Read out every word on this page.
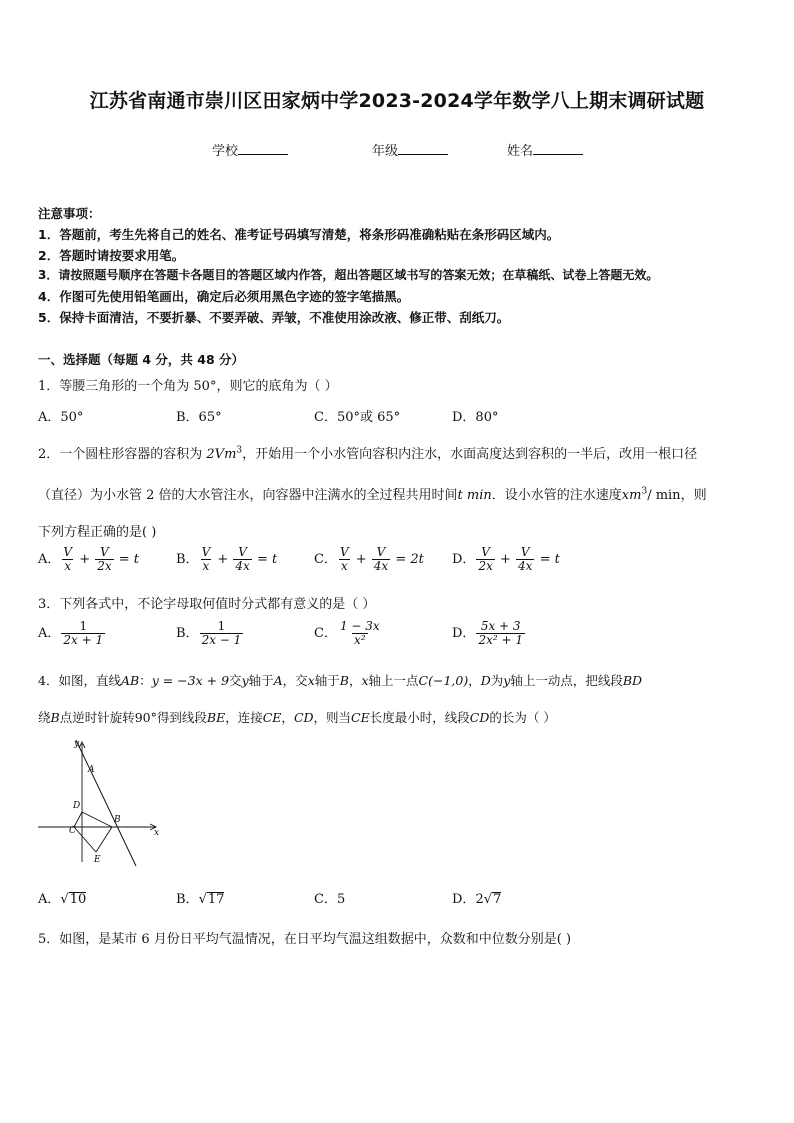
江苏省南通市崇川区田家炳中学2023-2024学年数学八上期末调研试题
学校	年级	姓名
注意事项：
1．答题前，考生先将自己的姓名、准考证号码填写清楚，将条形码准确粘贴在条形码区域内。
2．答题时请按要求用笔。
3．请按照题号顺序在答题卡各题目的答题区域内作答，超出答题区域书写的答案无效；在草稿纸、试卷上答题无效。
4．作图可先使用铅笔画出，确定后必须用黑色字迹的签字笔描黑。
5．保持卡面清洁，不要折暴、不要弄破、弄皱，不准使用涂改液、修正带、刮纸刀。
一、选择题（每题 4 分，共 48 分）
1．等腰三角形的一个角为 50°，则它的底角为（ ）
A．50°	B．65°	C．50°或 65°	D．80°
2．一个圆柱形容器的容积为 2Vm$^3$，开始用一个小水管向容积内注水，水面高度达到容积的一半后，改用一根口径
（直径）为小水管 2 倍的大水管注水，向容器中注满水的全过程共用时间t min．设小水管的注水速度$xm^3/$ min，则
下列方程正确的是( )
A． $\frac{V}{x} + \frac{V}{2x} = t$	B． $\frac{V}{x} + \frac{V}{4x} = t$	C． $\frac{V}{x} + \frac{V}{4x} = 2t$ D． $\frac{V}{2x} + \frac{V}{4x} = t$
3．下列各式中，不论字母取何值时分式都有意义的是（ ）
A． $\frac{1}{2x + 1}$	B． $\frac{1}{2x - 1}$	C． $\frac{1 - 3x}{\text{x²}}$	D． $\frac{5x + 3}{\text{2x² + 1}}$
4．如图，直线AB：y = −3x + 9交y轴于A，交x轴于B，x轴上一点C(−1,0)，D为y轴上一动点，把线段BD
绕B点逆时针旋转90°得到线段BE，连接CE，CD，则当CE长度最小时，线段CD的长为（ ）
y
A
D
C
B
x
E
A．√10	B．√17	C．5	D．2√7
5．如图，是某市 6 月份日平均气温情况，在日平均气温这组数据中，众数和中位数分别是( )
